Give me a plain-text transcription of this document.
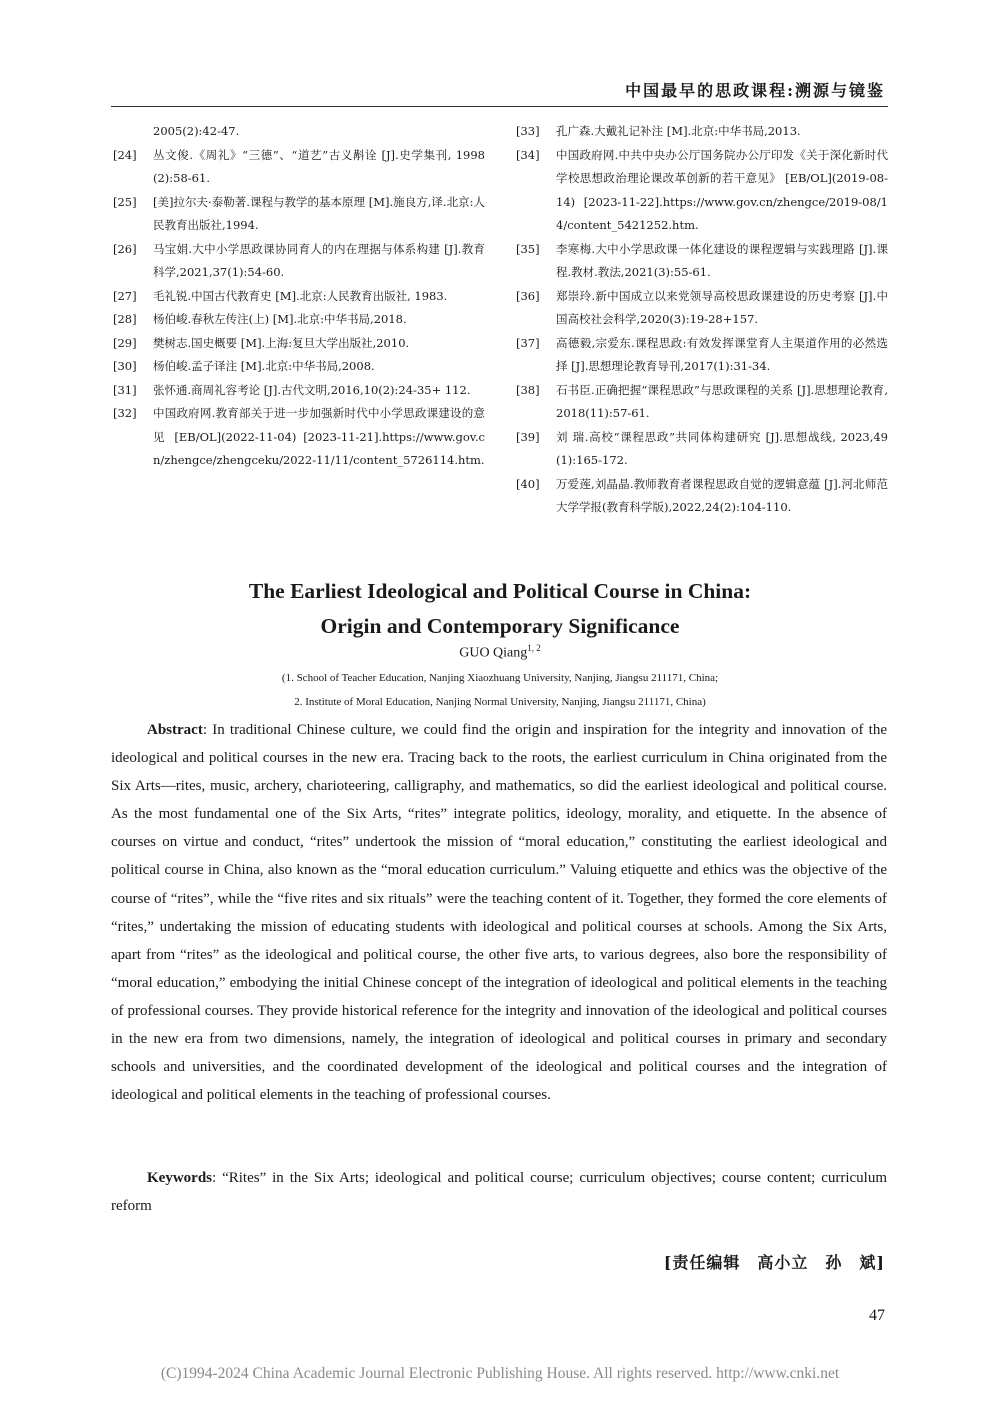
中国最早的思政课程:溯源与镜鉴
2005(2):42-47.
[24]	丛文俊.《周礼》“三德”、“道艺”古义斠诠 [J].史学集刊, 1998(2):58-61.
[25]	[美]拉尔夫·泰勒著.课程与教学的基本原理 [M].施良方,译.北京:人民教育出版社,1994.
[26]	马宝娟.大中小学思政课协同育人的内在理据与体系构建 [J].教育科学,2021,37(1):54-60.
[27]	毛礼锐.中国古代教育史 [M].北京:人民教育出版社, 1983.
[28]	杨伯峻.春秋左传注(上) [M].北京:中华书局,2018.
[29]	樊树志.国史概要 [M].上海:复旦大学出版社,2010.
[30]	杨伯峻.孟子译注 [M].北京:中华书局,2008.
[31]	张怀通.商周礼容考论 [J].古代文明,2016,10(2):24-35+ 112.
[32]	中国政府网.教育部关于进一步加强新时代中小学思政课建设的意见 [EB/OL](2022-11-04) [2023-11-21].https://www.gov.cn/zhengce/zhengceku/2022-11/11/content_5726114.htm.
[33]	孔广森.大戴礼记补注 [M].北京:中华书局,2013.
[34]	中国政府网.中共中央办公厅国务院办公厅印发《关于深化新时代学校思想政治理论课改革创新的若干意见》 [EB/OL](2019-08-14) [2023-11-22].https://www.gov.cn/zhengce/2019-08/14/content_5421252.htm.
[35]	李寒梅.大中小学思政课一体化建设的课程逻辑与实践理路 [J].课程.教材.教法,2021(3):55-61.
[36]	郑崇玲.新中国成立以来党领导高校思政课建设的历史考察 [J].中国高校社会科学,2020(3):19-28+157.
[37]	高德毅,宗爱东.课程思政:有效发挥课堂育人主渠道作用的必然选择 [J].思想理论教育导刊,2017(1):31-34.
[38]	石书臣.正确把握“课程思政”与思政课程的关系 [J].思想理论教育,2018(11):57-61.
[39]	刘 瑞.高校“课程思政”共同体构建研究 [J].思想战线, 2023,49(1):165-172.
[40]	万爱莲,刘晶晶.教师教育者课程思政自觉的逻辑意蕴 [J].河北师范大学学报(教育科学版),2022,24(2):104-110.
The Earliest Ideological and Political Course in China:
Origin and Contemporary Significance
GUO Qiang$^{1, 2}$
(1. School of Teacher Education, Nanjing Xiaozhuang University, Nanjing, Jiangsu 211171, China;
2. Institute of Moral Education, Nanjing Normal University, Nanjing, Jiangsu 211171, China)

Abstract: In traditional Chinese culture, we could find the origin and inspiration for the integrity and innovation of the ideological and political courses in the new era. Tracing back to the roots, the earliest curriculum in China originated from the Six Arts—rites, music, archery, charioteering, calligraphy, and mathematics, so did the earliest ideological and political course. As the most fundamental one of the Six Arts, “rites” integrate politics, ideology, morality, and etiquette. In the absence of courses on virtue and conduct, “rites” undertook the mission of “moral education,” constituting the earliest ideological and political course in China, also known as the “moral education curriculum.” Valuing etiquette and ethics was the objective of the course of “rites”, while the “five rites and six rituals” were the teaching content of it. Together, they formed the core elements of “rites,” undertaking the mission of educating students with ideological and political courses at schools. Among the Six Arts, apart from “rites” as the ideological and political course, the other five arts, to various degrees, also bore the responsibility of “moral education,” embodying the initial Chinese concept of the integration of ideological and political elements in the teaching of professional courses. They provide historical reference for the integrity and innovation of the ideological and political courses in the new era from two dimensions, namely, the integration of ideological and political courses in primary and secondary schools and universities, and the coordinated development of the ideological and political courses and the integration of ideological and political elements in the teaching of professional courses.

Keywords: “Rites” in the Six Arts; ideological and political course; curriculum objectives; course content; curriculum reform

[责任编辑　高小立　孙　斌]
47
(C)1994-2024 China Academic Journal Electronic Publishing House. All rights reserved. http://www.cnki.net
